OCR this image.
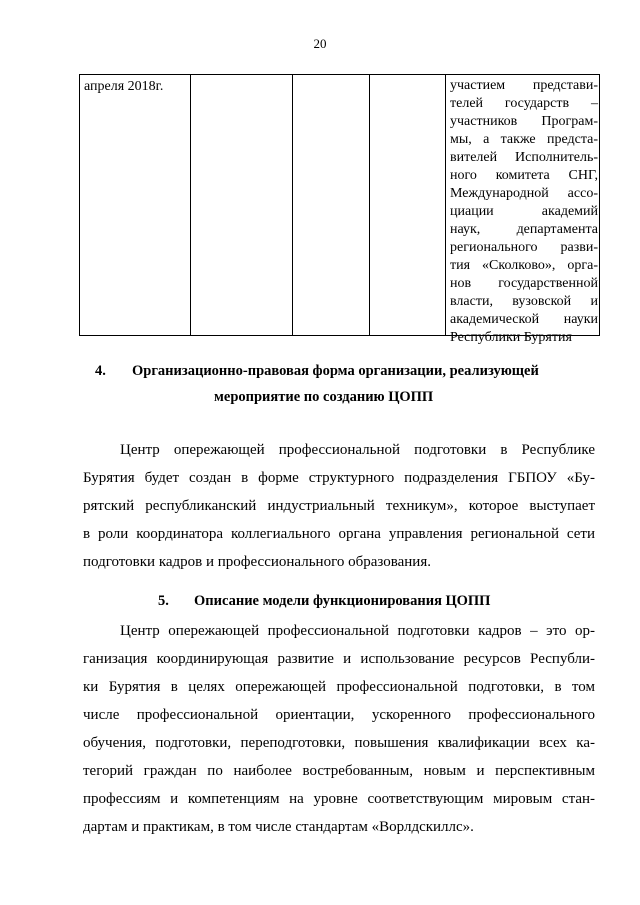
20
апреля 2018г.	участием представи-
телей государств –
участников Програм-
мы, а также предста-
вителей Исполнитель-
ного комитета СНГ,
Международной ассо-
циации академий
наук, департамента
регионального разви-
тия «Сколково», орга-
нов государственной
власти, вузовской и
академической науки
Республики Бурятия
4. Организационно-правовая форма организации, реализующей
мероприятие по созданию ЦОПП
Центр опережающей профессиональной подготовки в Республике
Бурятия будет создан в форме структурного подразделения ГБПОУ «Бу-
рятский республиканский индустриальный техникум», которое выступает
в роли координатора коллегиального органа управления региональной сети
подготовки кадров и профессионального образования.
5. Описание модели функционирования ЦОПП
Центр опережающей профессиональной подготовки кадров – это ор-
ганизация координирующая развитие и использование ресурсов Республи-
ки Бурятия в целях опережающей профессиональной подготовки, в том
числе профессиональной ориентации, ускоренного профессионального
обучения, подготовки, переподготовки, повышения квалификации всех ка-
тегорий граждан по наиболее востребованным, новым и перспективным
профессиям и компетенциям на уровне соответствующим мировым стан-
дартам и практикам, в том числе стандартам «Ворлдскиллс».
